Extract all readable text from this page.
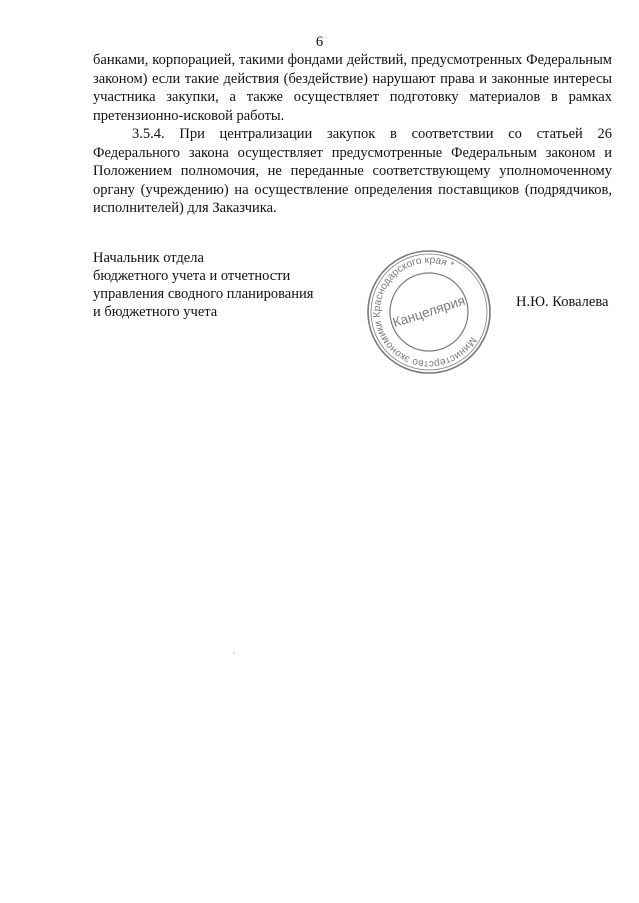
6

банками, корпорацией, такими фондами действий, предусмотренных Федеральным законом) если такие действия (бездействие) нарушают права и законные интересы участника закупки, а также осуществляет подготовку материалов в рамках претензионно-исковой работы.

3.5.4. При централизации закупок в соответствии со статьей 26 Федерального закона осуществляет предусмотренные Федеральным законом и Положением полномочия, не переданные соответствующему уполномоченному органу (учреждению) на осуществление определения поставщиков (подрядчиков, исполнителей) для Заказчика.

Начальник отдела
бюджетного учета и отчетности
управления сводного планирования
и бюджетного учета
Министерство экономики Краснодарского края *
Канцелярия	Н.Ю. Ковалева
